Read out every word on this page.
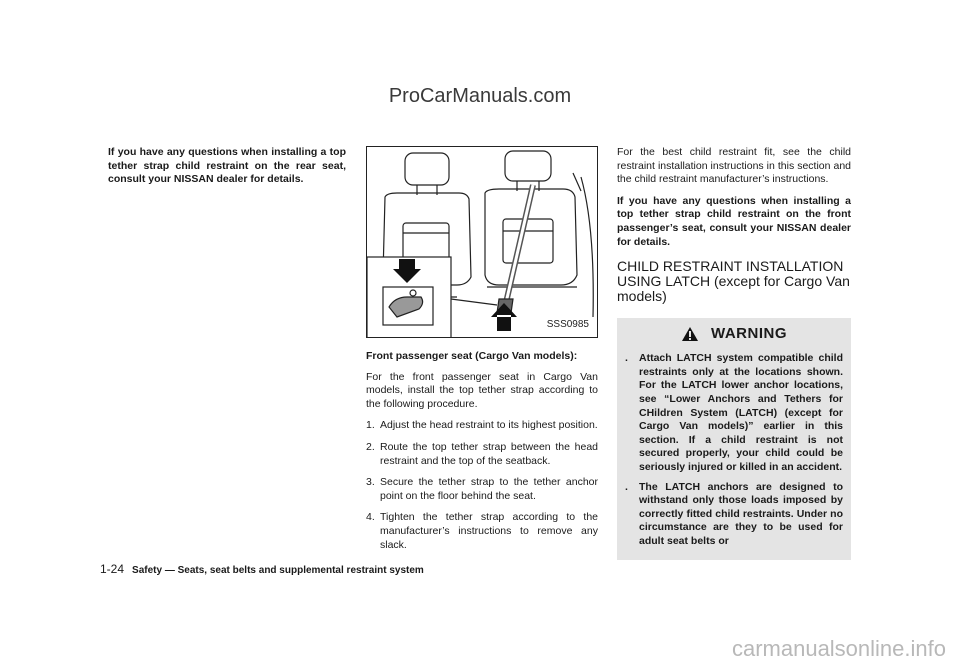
ProCarManuals.com

If you have any questions when installing a top tether strap child restraint on the rear seat, consult your NISSAN dealer for details.

SSS0985
Front passenger seat (Cargo Van models):

For the front passenger seat in Cargo Van models, install the top tether strap according to the following procedure.

1. Adjust the head restraint to its highest position.
2. Route the top tether strap between the head restraint and the top of the seatback.
3. Secure the tether strap to the tether anchor point on the floor behind the seat.
4. Tighten the tether strap according to the manufacturer’s instructions to remove any slack.

For the best child restraint fit, see the child restraint installation instructions in this section and the child restraint manufacturer’s instructions.

If you have any questions when installing a top tether strap child restraint on the front passenger’s seat, consult your NISSAN dealer for details.

CHILD RESTRAINT INSTALLATION USING LATCH (except for Cargo Van models)
WARNING
. Attach LATCH system compatible child restraints only at the locations shown. For the LATCH lower anchor locations, see “Lower Anchors and Tethers for CHildren System (LATCH) (except for Cargo Van models)” earlier in this section. If a child restraint is not secured properly, your child could be seriously injured or killed in an accident.
. The LATCH anchors are designed to withstand only those loads imposed by correctly fitted child restraints. Under no circumstance are they to be used for adult seat belts or
1-24 Safety — Seats, seat belts and supplemental restraint system
carmanualsonline.info
